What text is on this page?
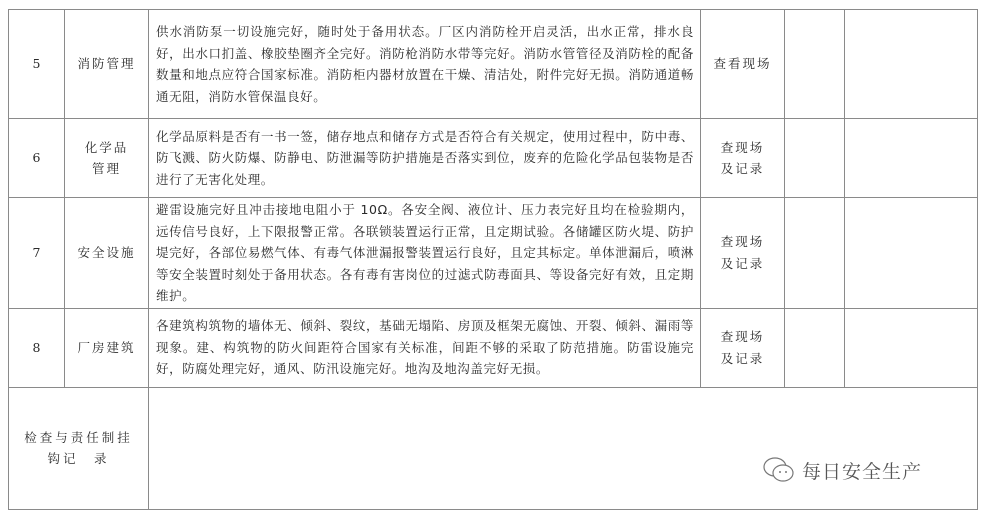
5	消防管理	供水消防泵一切设施完好，随时处于备用状态。厂区内消防栓开启灵活，出水正常，排水良好，出水口扪盖、橡胶垫圈齐全完好。消防枪消防水带等完好。消防水管管径及消防栓的配备数量和地点应符合国家标准。消防柜内器材放置在干燥、清洁处，附件完好无损。消防通道畅通无阻，消防水管保温良好。	查看现场		
6	化学品管理	化学品原料是否有一书一签，储存地点和储存方式是否符合有关规定，使用过程中，防中毒、防飞溅、防火防爆、防静电、防泄漏等防护措施是否落实到位，废弃的危险化学品包装物是否进行了无害化处理。	查现场及记录		
7	安全设施	避雷设施完好且冲击接地电阻小于 10Ω。各安全阀、液位计、压力表完好且均在检验期内，远传信号良好，上下限报警正常。各联锁装置运行正常，且定期试验。各储罐区防火堤、防护堤完好，各部位易燃气体、有毒气体泄漏报警装置运行良好，且定其标定。单体泄漏后，喷淋等安全装置时刻处于备用状态。各有毒有害岗位的过滤式防毒面具、等设备完好有效，且定期维护。	查现场及记录		
8	厂房建筑	各建筑构筑物的墙体无、倾斜、裂纹，基础无塌陷、房顶及框架无腐蚀、开裂、倾斜、漏雨等现象。建、构筑物的防火间距符合国家有关标准，间距不够的采取了防范措施。防雷设施完好，防腐处理完好，通风、防汛设施完好。地沟及地沟盖完好无损。	查现场及记录		
检查与责任制挂钩记　录					
每日安全生产
